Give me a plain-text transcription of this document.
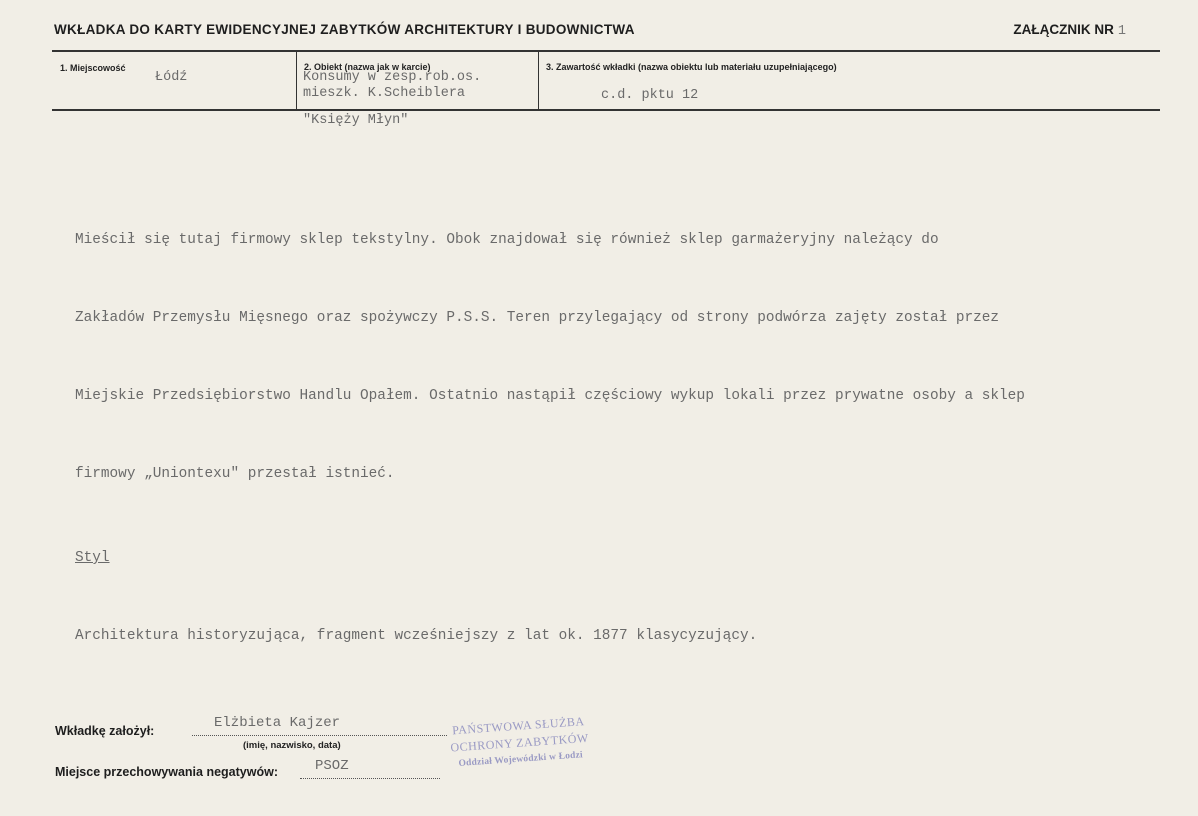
WKŁADKA DO KARTY EWIDENCYJNEJ ZABYTKÓW ARCHITEKTURY I BUDOWNICTWA	ZAŁĄCZNIK NR 1
1. Miejscowość
Łódź
2. Obiekt (nazwa jak w karcie)
Konsumy w zesp.rob.os.
mieszk. K.Scheiblera
"Księży Młyn"
3. Zawartość wkładki (nazwa obiektu lub materiału uzupełniającego)
c.d. pktu 12

Mieścił się tutaj firmowy sklep tekstylny. Obok znajdował się również sklep garmażeryjny należący do

Zakładów Przemysłu Mięsnego oraz spożywczy P.S.S. Teren przylegający od strony podwórza zajęty został przez

Miejskie Przedsiębiorstwo Handlu Opałem. Ostatnio nastąpił częściowy wykup lokali przez prywatne osoby a sklep

firmowy „Uniontexu" przestał istnieć.

Styl

Architektura historyzująca, fragment wcześniejszy z lat ok. 1877 klasycyzujący.

Wkładkę założył:	Elżbieta Kajzer
(imię, nazwisko, data)
Miejsce przechowywania negatywów:	PSOZ
PAŃSTWOWA SŁUŻBA
OCHRONY ZABYTKÓW
Oddział Wojewódzki w Łodzi
